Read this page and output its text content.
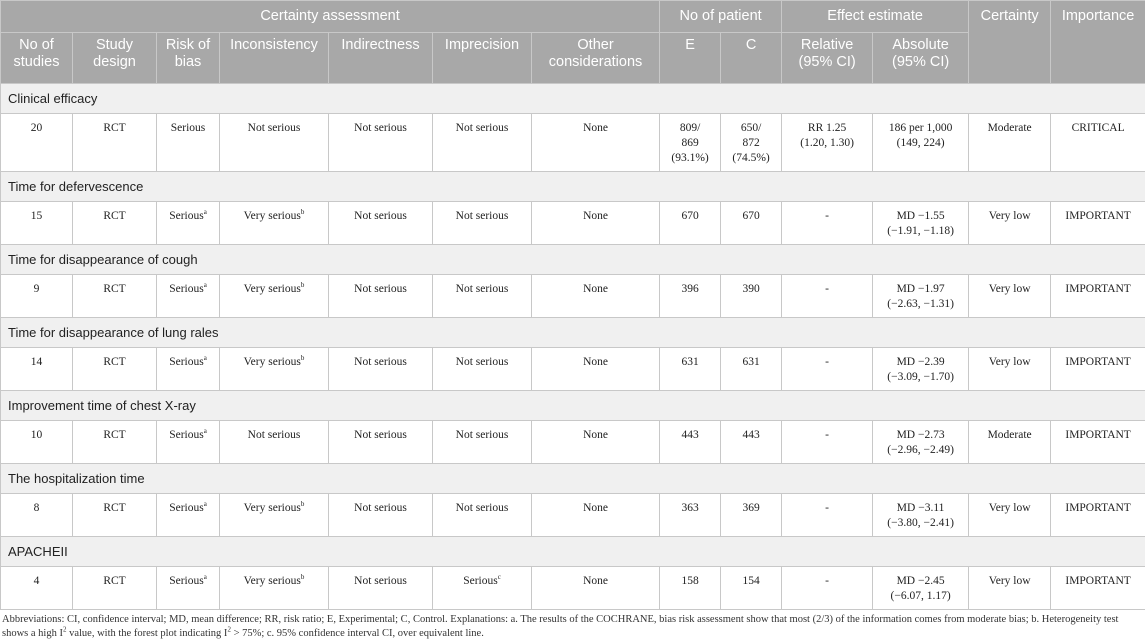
Certainty assessment							No of patient		Effect estimate		Certainty	Importance
No of studies	Study design	Risk of bias	Inconsistency	Indirectness	Imprecision	Other considerations	E	C	Relative (95% CI)	Absolute (95% CI)		
Clinical efficacy												
20	RCT	Serious	Not serious	Not serious	Not serious	None	809/
869
(93.1%)	650/
872
(74.5%)	RR 1.25
(1.20, 1.30)	186 per 1,000
(149, 224)	Moderate	CRITICAL
Time for defervescence												
15	RCT	Serious$^a$	Very serious$^b$	Not serious	Not serious	None	670	670	-	MD −1.55
(−1.91, −1.18)	Very low	IMPORTANT
Time for disappearance of cough												
9	RCT	Serious$^a$	Very serious$^b$	Not serious	Not serious	None	396	390	-	MD −1.97
(−2.63, −1.31)	Very low	IMPORTANT
Time for disappearance of lung rales												
14	RCT	Serious$^a$	Very serious$^b$	Not serious	Not serious	None	631	631	-	MD −2.39
(−3.09, −1.70)	Very low	IMPORTANT
Improvement time of chest X-ray												
10	RCT	Serious$^a$	Not serious	Not serious	Not serious	None	443	443	-	MD −2.73
(−2.96, −2.49)	Moderate	IMPORTANT
The hospitalization time												
8	RCT	Serious$^a$	Very serious$^b$	Not serious	Not serious	None	363	369	-	MD −3.11
(−3.80, −2.41)	Very low	IMPORTANT
APACHEII												
4	RCT	Serious$^a$	Very serious$^b$	Not serious	Serious$^c$	None	158	154	-	MD −2.45
(−6.07, 1.17)	Very low	IMPORTANT
Abbreviations: CI, confidence interval; MD, mean difference; RR, risk ratio; E, Experimental; C, Control. Explanations: a. The results of the COCHRANE, bias risk assessment show that most (2/3) of the information comes from moderate bias; b. Heterogeneity test shows a high $I^2$ value, with the forest plot indicating $I^2 > 75\%$; c. 95% confidence interval CI, over equivalent line.
